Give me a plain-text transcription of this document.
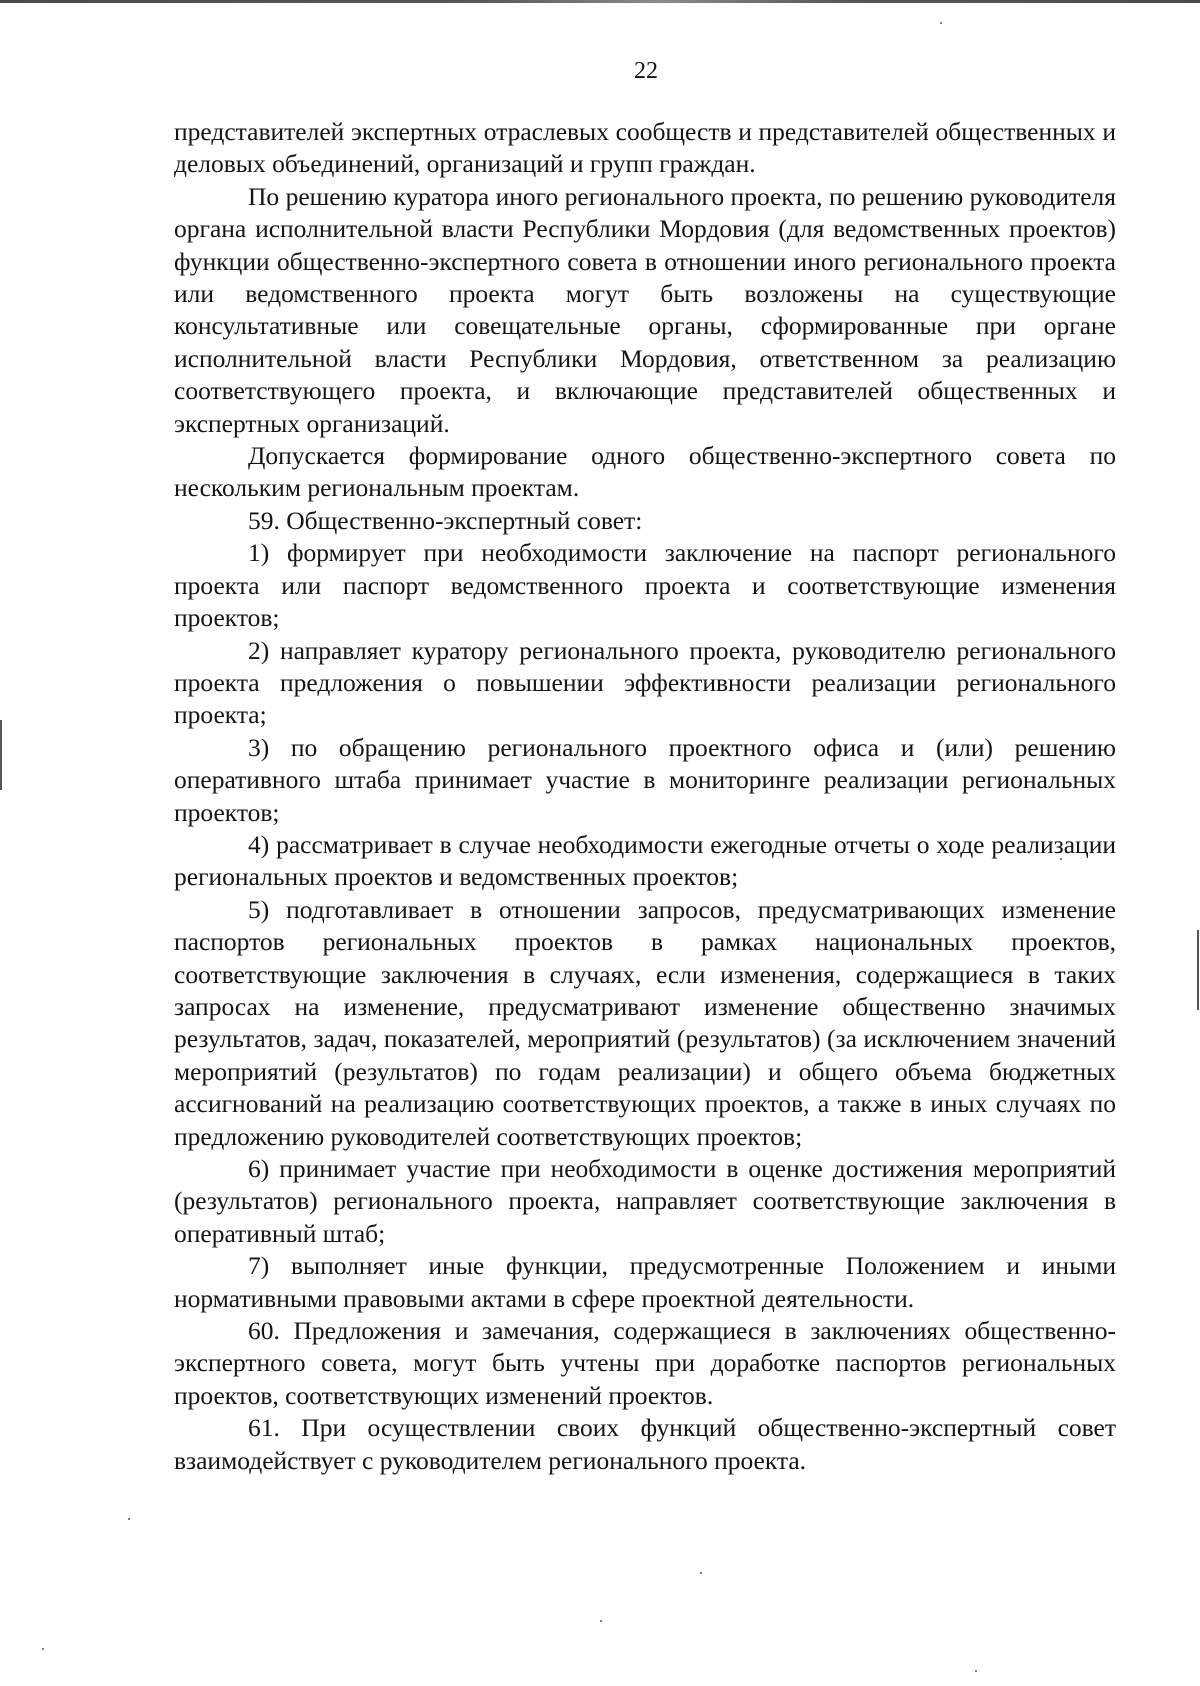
22

представителей экспертных отраслевых сообществ и представителей общественных и деловых объединений, организаций и групп граждан.

По решению куратора иного регионального проекта, по решению руководителя органа исполнительной власти Республики Мордовия (для ведомственных проектов) функции общественно-экспертного совета в отношении иного регионального проекта или ведомственного проекта могут быть возложены на существующие консультативные или совещательные органы, сформированные при органе исполнительной власти Республики Мордовия, ответственном за реализацию соответствующего проекта, и включающие представителей общественных и экспертных организаций.

Допускается формирование одного общественно-экспертного совета по нескольким региональным проектам.

59. Общественно-экспертный совет:

1) формирует при необходимости заключение на паспорт регионального проекта или паспорт ведомственного проекта и соответствующие изменения проектов;

2) направляет куратору регионального проекта, руководителю регионального проекта предложения о повышении эффективности реализации регионального проекта;

3) по обращению регионального проектного офиса и (или) решению оперативного штаба принимает участие в мониторинге реализации региональных проектов;

4) рассматривает в случае необходимости ежегодные отчеты о ходе реализации региональных проектов и ведомственных проектов;

5) подготавливает в отношении запросов, предусматривающих изменение паспортов региональных проектов в рамках национальных проектов, соответствующие заключения в случаях, если изменения, содержащиеся в таких запросах на изменение, предусматривают изменение общественно значимых результатов, задач, показателей, мероприятий (результатов) (за исключением значений мероприятий (результатов) по годам реализации) и общего объема бюджетных ассигнований на реализацию соответствующих проектов, а также в иных случаях по предложению руководителей соответствующих проектов;

6) принимает участие при необходимости в оценке достижения мероприятий (результатов) регионального проекта, направляет соответствующие заключения в оперативный штаб;

7) выполняет иные функции, предусмотренные Положением и иными нормативными правовыми актами в сфере проектной деятельности.

60. Предложения и замечания, содержащиеся в заключениях общественно-экспертного совета, могут быть учтены при доработке паспортов региональных проектов, соответствующих изменений проектов.

61. При осуществлении своих функций общественно-экспертный совет взаимодействует с руководителем регионального проекта.
